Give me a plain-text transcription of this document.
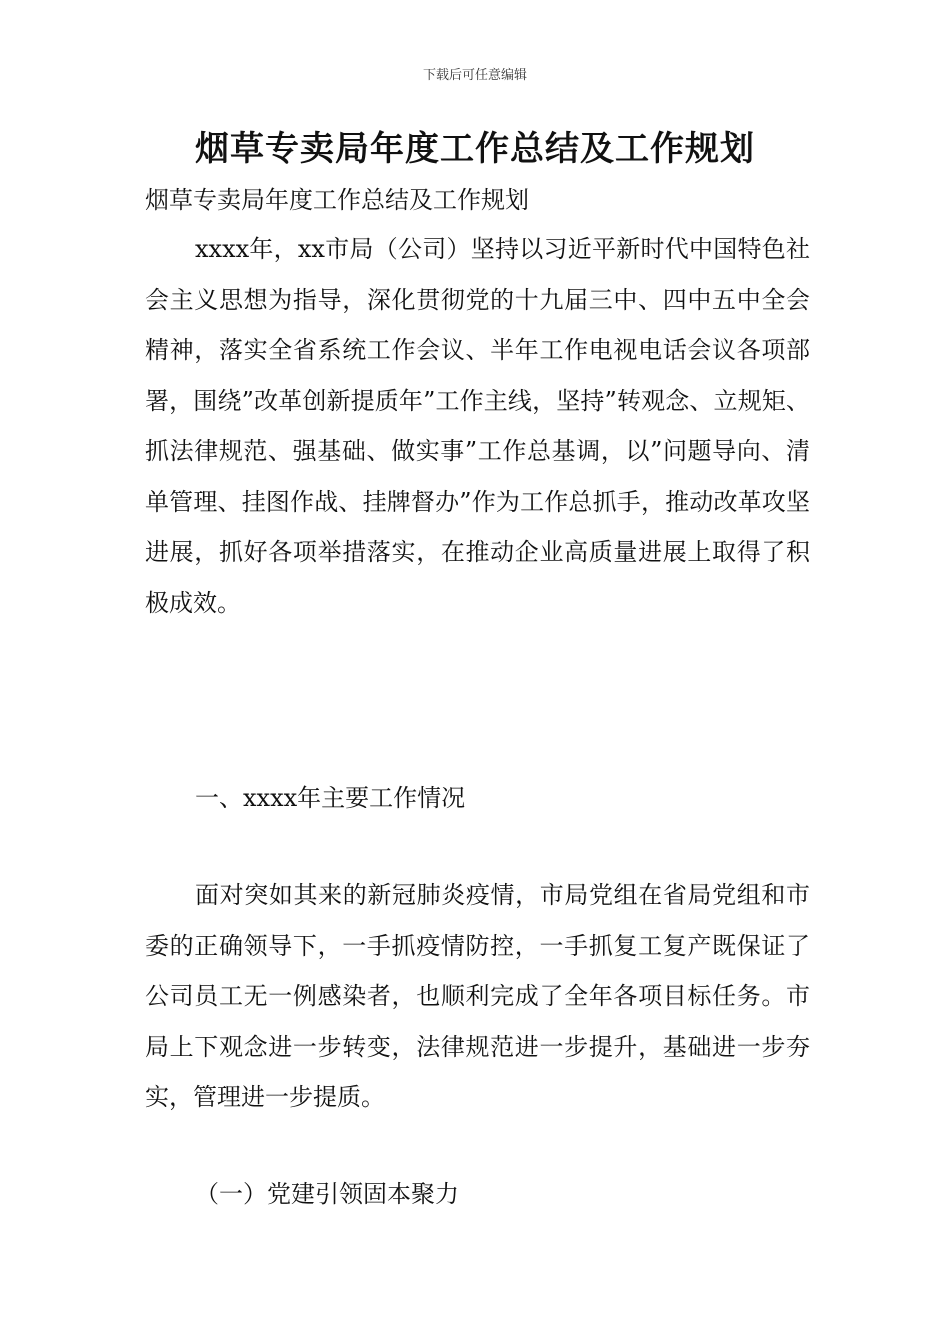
下载后可任意编辑
烟草专卖局年度工作总结及工作规划
烟草专卖局年度工作总结及工作规划

xxxx年，xx市局（公司）坚持以习近平新时代中国特色社会主义思想为指导，深化贯彻党的十九届三中、四中五中全会精神，落实全省系统工作会议、半年工作电视电话会议各项部署，围绕”改革创新提质年”工作主线，坚持”转观念、立规矩、抓法律规范、强基础、做实事”工作总基调，以”问题导向、清单管理、挂图作战、挂牌督办”作为工作总抓手，推动改革攻坚进展，抓好各项举措落实，在推动企业高质量进展上取得了积极成效。

一、xxxx年主要工作情况

面对突如其来的新冠肺炎疫情，市局党组在省局党组和市委的正确领导下，一手抓疫情防控，一手抓复工复产既保证了公司员工无一例感染者，也顺利完成了全年各项目标任务。市局上下观念进一步转变，法律规范进一步提升，基础进一步夯实，管理进一步提质。

（一）党建引领固本聚力
